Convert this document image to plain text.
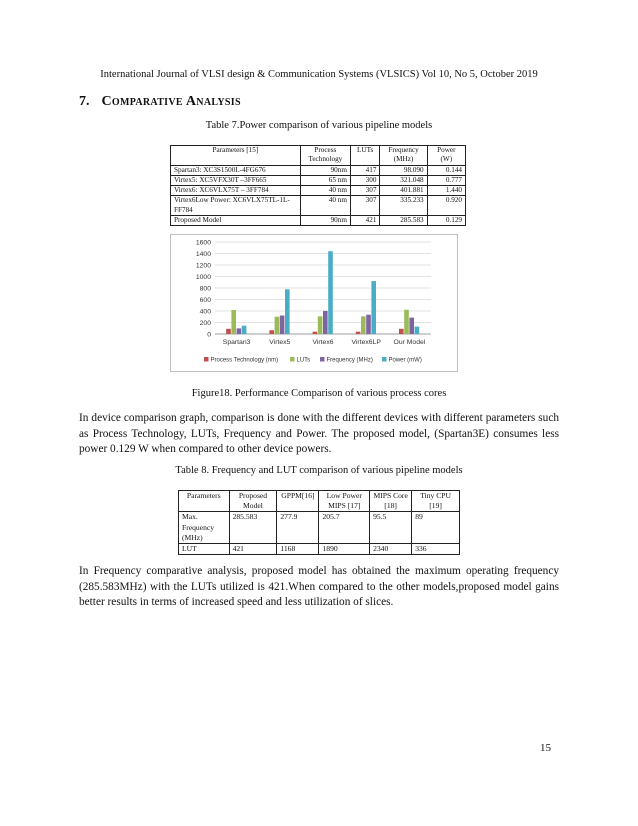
International Journal of VLSI design & Communication Systems (VLSICS) Vol 10, No 5, October 2019
7. Comparative Analysis
Table 7.Power comparison of various pipeline models
Parameters [15]	Process Technology	LUTs	Frequency (MHz)	Power (W)
Spartan3: XC3S1500L-4FG676	90nm	417	98.090	0.144
Virtex5: XC5VFX30T –3FF665	65 nm	300	321.048	0.777
Virtex6: XC6VLX75T – 3FF784	40 nm	307	401.881	1.440
Virtex6Low Power: XC6VLX75TL-1L-FF784	40 nm	307	335.233	0.920
Proposed Model	90nm	421	285.583	0.129
0
200
400
600
800
1000
1200
1400
1600
Spartan3	Virtex5	Virtex6	Virtex6LP Our Model
Process Technology (nm)	LUTs	Frequency (MHz)	Power (mW)
Figure18. Performance Comparison of various process cores
In device comparison graph, comparison is done with the different devices with different parameters such as Process Technology, LUTs, Frequency and Power. The proposed model, (Spartan3E) consumes less power 0.129 W when compared to other device powers.
Table 8. Frequency and LUT comparison of various pipeline models
Parameters	Proposed Model	GPPM[16]	Low Power MIPS [17]	MIPS Core [18]	Tiny CPU [19]
Max. Frequency (MHz)	285.583	277.9	205.7	95.5	89
LUT	421	1168	1890	2340	336
In Frequency comparative analysis, proposed model has obtained the maximum operating frequency (285.583MHz) with the LUTs utilized is 421.When compared to the other models,proposed model gains better results in terms of increased speed and less utilization of slices.
15
